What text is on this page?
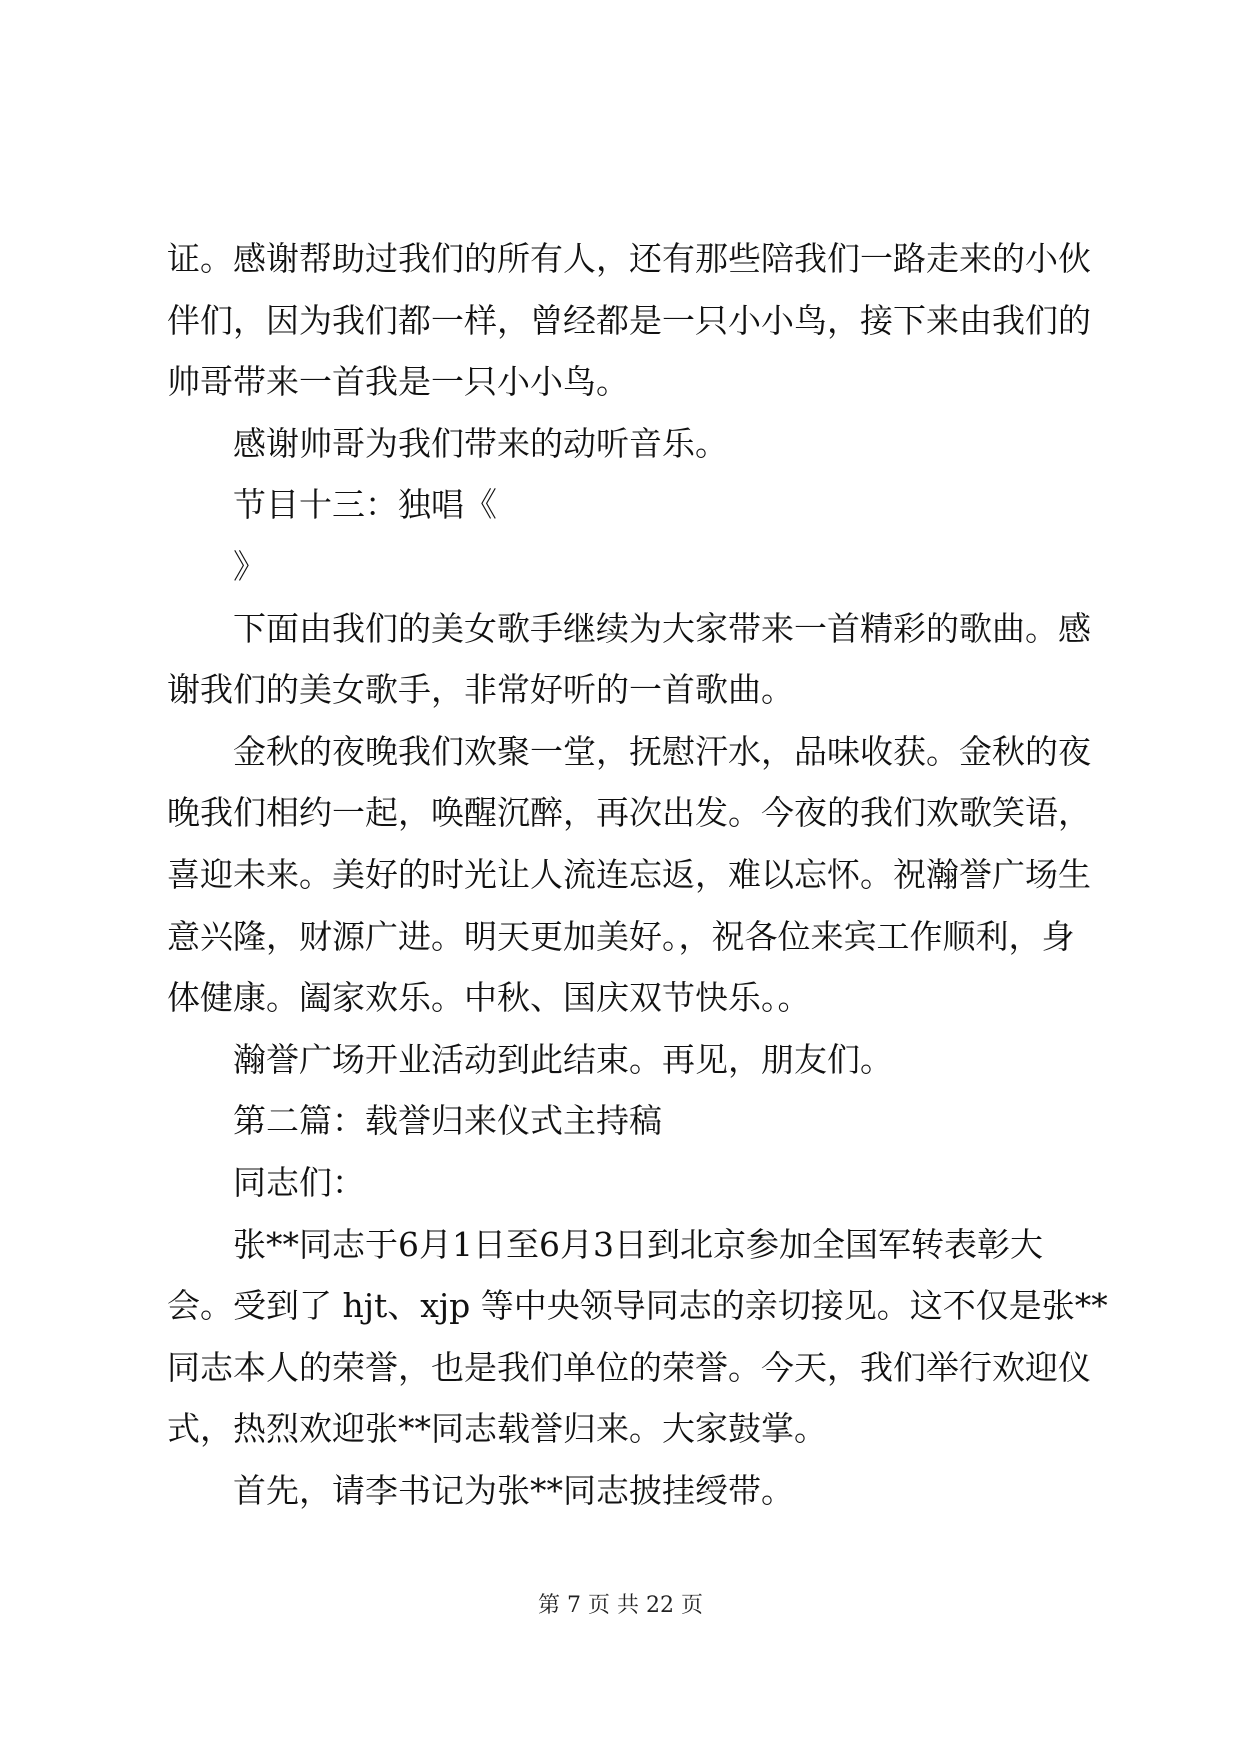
证。感谢帮助过我们的所有人，还有那些陪我们一路走来的小伙

伴们，因为我们都一样，曾经都是一只小小鸟，接下来由我们的

帅哥带来一首我是一只小小鸟。

感谢帅哥为我们带来的动听音乐。

节目十三：独唱《

》

下面由我们的美女歌手继续为大家带来一首精彩的歌曲。感

谢我们的美女歌手，非常好听的一首歌曲。

金秋的夜晚我们欢聚一堂，抚慰汗水，品味收获。金秋的夜

晚我们相约一起，唤醒沉醉，再次出发。今夜的我们欢歌笑语，

喜迎未来。美好的时光让人流连忘返，难以忘怀。祝瀚誉广场生

意兴隆，财源广进。明天更加美好。，祝各位来宾工作顺利，身

体健康。阖家欢乐。中秋、国庆双节快乐。。

瀚誉广场开业活动到此结束。再见，朋友们。

第二篇：载誉归来仪式主持稿

同志们：

张**同志于6月1日至6月3日到北京参加全国军转表彰大

会。受到了 hjt、xjp 等中央领导同志的亲切接见。这不仅是张**

同志本人的荣誉，也是我们单位的荣誉。今天，我们举行欢迎仪

式，热烈欢迎张**同志载誉归来。大家鼓掌。

首先，请李书记为张**同志披挂绶带。

第 7 页 共 22 页
